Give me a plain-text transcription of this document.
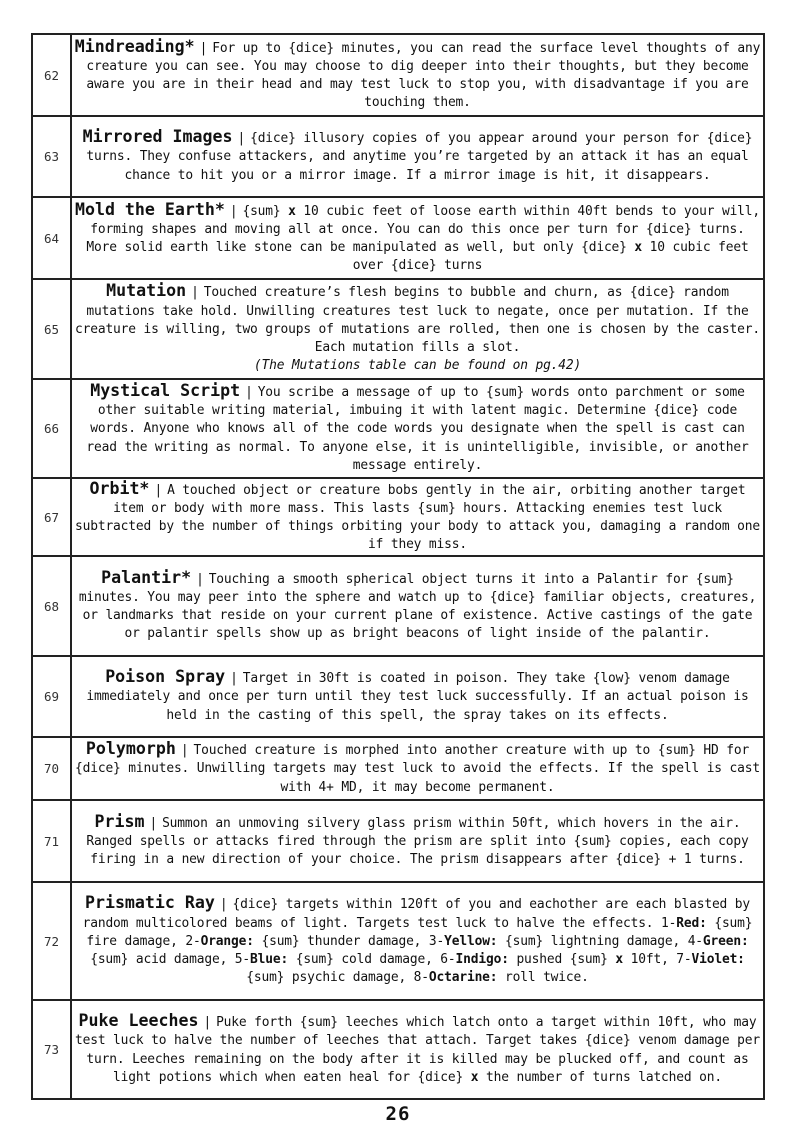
62	Mindreading* | For up to {dice} minutes, you can read the surface level thoughts of any creature you can see. You may choose to dig deeper into their thoughts, but they become aware you are in their head and may test luck to stop you, with disadvantage if you are touching them.
63	Mirrored Images | {dice} illusory copies of you appear around your person for {dice} turns. They confuse attackers, and anytime you’re targeted by an attack it has an equal chance to hit you or a mirror image. If a mirror image is hit, it disappears.
64	Mold the Earth* | {sum} x 10 cubic feet of loose earth within 40ft bends to your will, forming shapes and moving all at once. You can do this once per turn for {dice} turns. More solid earth like stone can be manipulated as well, but only {dice} x 10 cubic feet over {dice} turns
65	Mutation | Touched creature’s flesh begins to bubble and churn, as {dice} random mutations take hold. Unwilling creatures test luck to negate, once per mutation. If the creature is willing, two groups of mutations are rolled, then one is chosen by the caster. Each mutation fills a slot.
(The Mutations table can be found on pg.42)

66	Mystical Script | You scribe a message of up to {sum} words onto parchment or some other suitable writing material, imbuing it with latent magic. Determine {dice} code words. Anyone who knows all of the code words you designate when the spell is cast can read the writing as normal. To anyone else, it is unintelligible, invisible, or another message entirely.
67	Orbit* | A touched object or creature bobs gently in the air, orbiting another target item or body with more mass. This lasts {sum} hours. Attacking enemies test luck subtracted by the number of things orbiting your body to attack you, damaging a random one if they miss.
68	Palantir* | Touching a smooth spherical object turns it into a Palantir for {sum} minutes. You may peer into the sphere and watch up to {dice} familiar objects, creatures, or landmarks that reside on your current plane of existence. Active castings of the gate or palantir spells show up as bright beacons of light inside of the palantir.
69	Poison Spray | Target in 30ft is coated in poison. They take {low} venom damage immediately and once per turn until they test luck successfully. If an actual poison is held in the casting of this spell, the spray takes on its effects.
70	Polymorph | Touched creature is morphed into another creature with up to {sum} HD for {dice} minutes. Unwilling targets may test luck to avoid the effects. If the spell is cast with 4+ MD, it may become permanent.
71	Prism | Summon an unmoving silvery glass prism within 50ft, which hovers in the air. Ranged spells or attacks fired through the prism are split into {sum} copies, each copy firing in a new direction of your choice. The prism disappears after {dice} + 1 turns.
72	Prismatic Ray | {dice} targets within 120ft of you and eachother are each blasted by random multicolored beams of light. Targets test luck to halve the effects. 1-Red: {sum} fire damage, 2-Orange: {sum} thunder damage, 3-Yellow: {sum} lightning damage, 4-Green: {sum} acid damage, 5-Blue: {sum} cold damage, 6-Indigo: pushed {sum} x 10ft, 7-Violet: {sum} psychic damage, 8-Octarine: roll twice.
73	Puke Leeches | Puke forth {sum} leeches which latch onto a target within 10ft, who may test luck to halve the number of leeches that attach. Target takes {dice} venom damage per turn. Leeches remaining on the body after it is killed may be plucked off, and count as light potions which when eaten heal for {dice} x the number of turns latched on.
26
